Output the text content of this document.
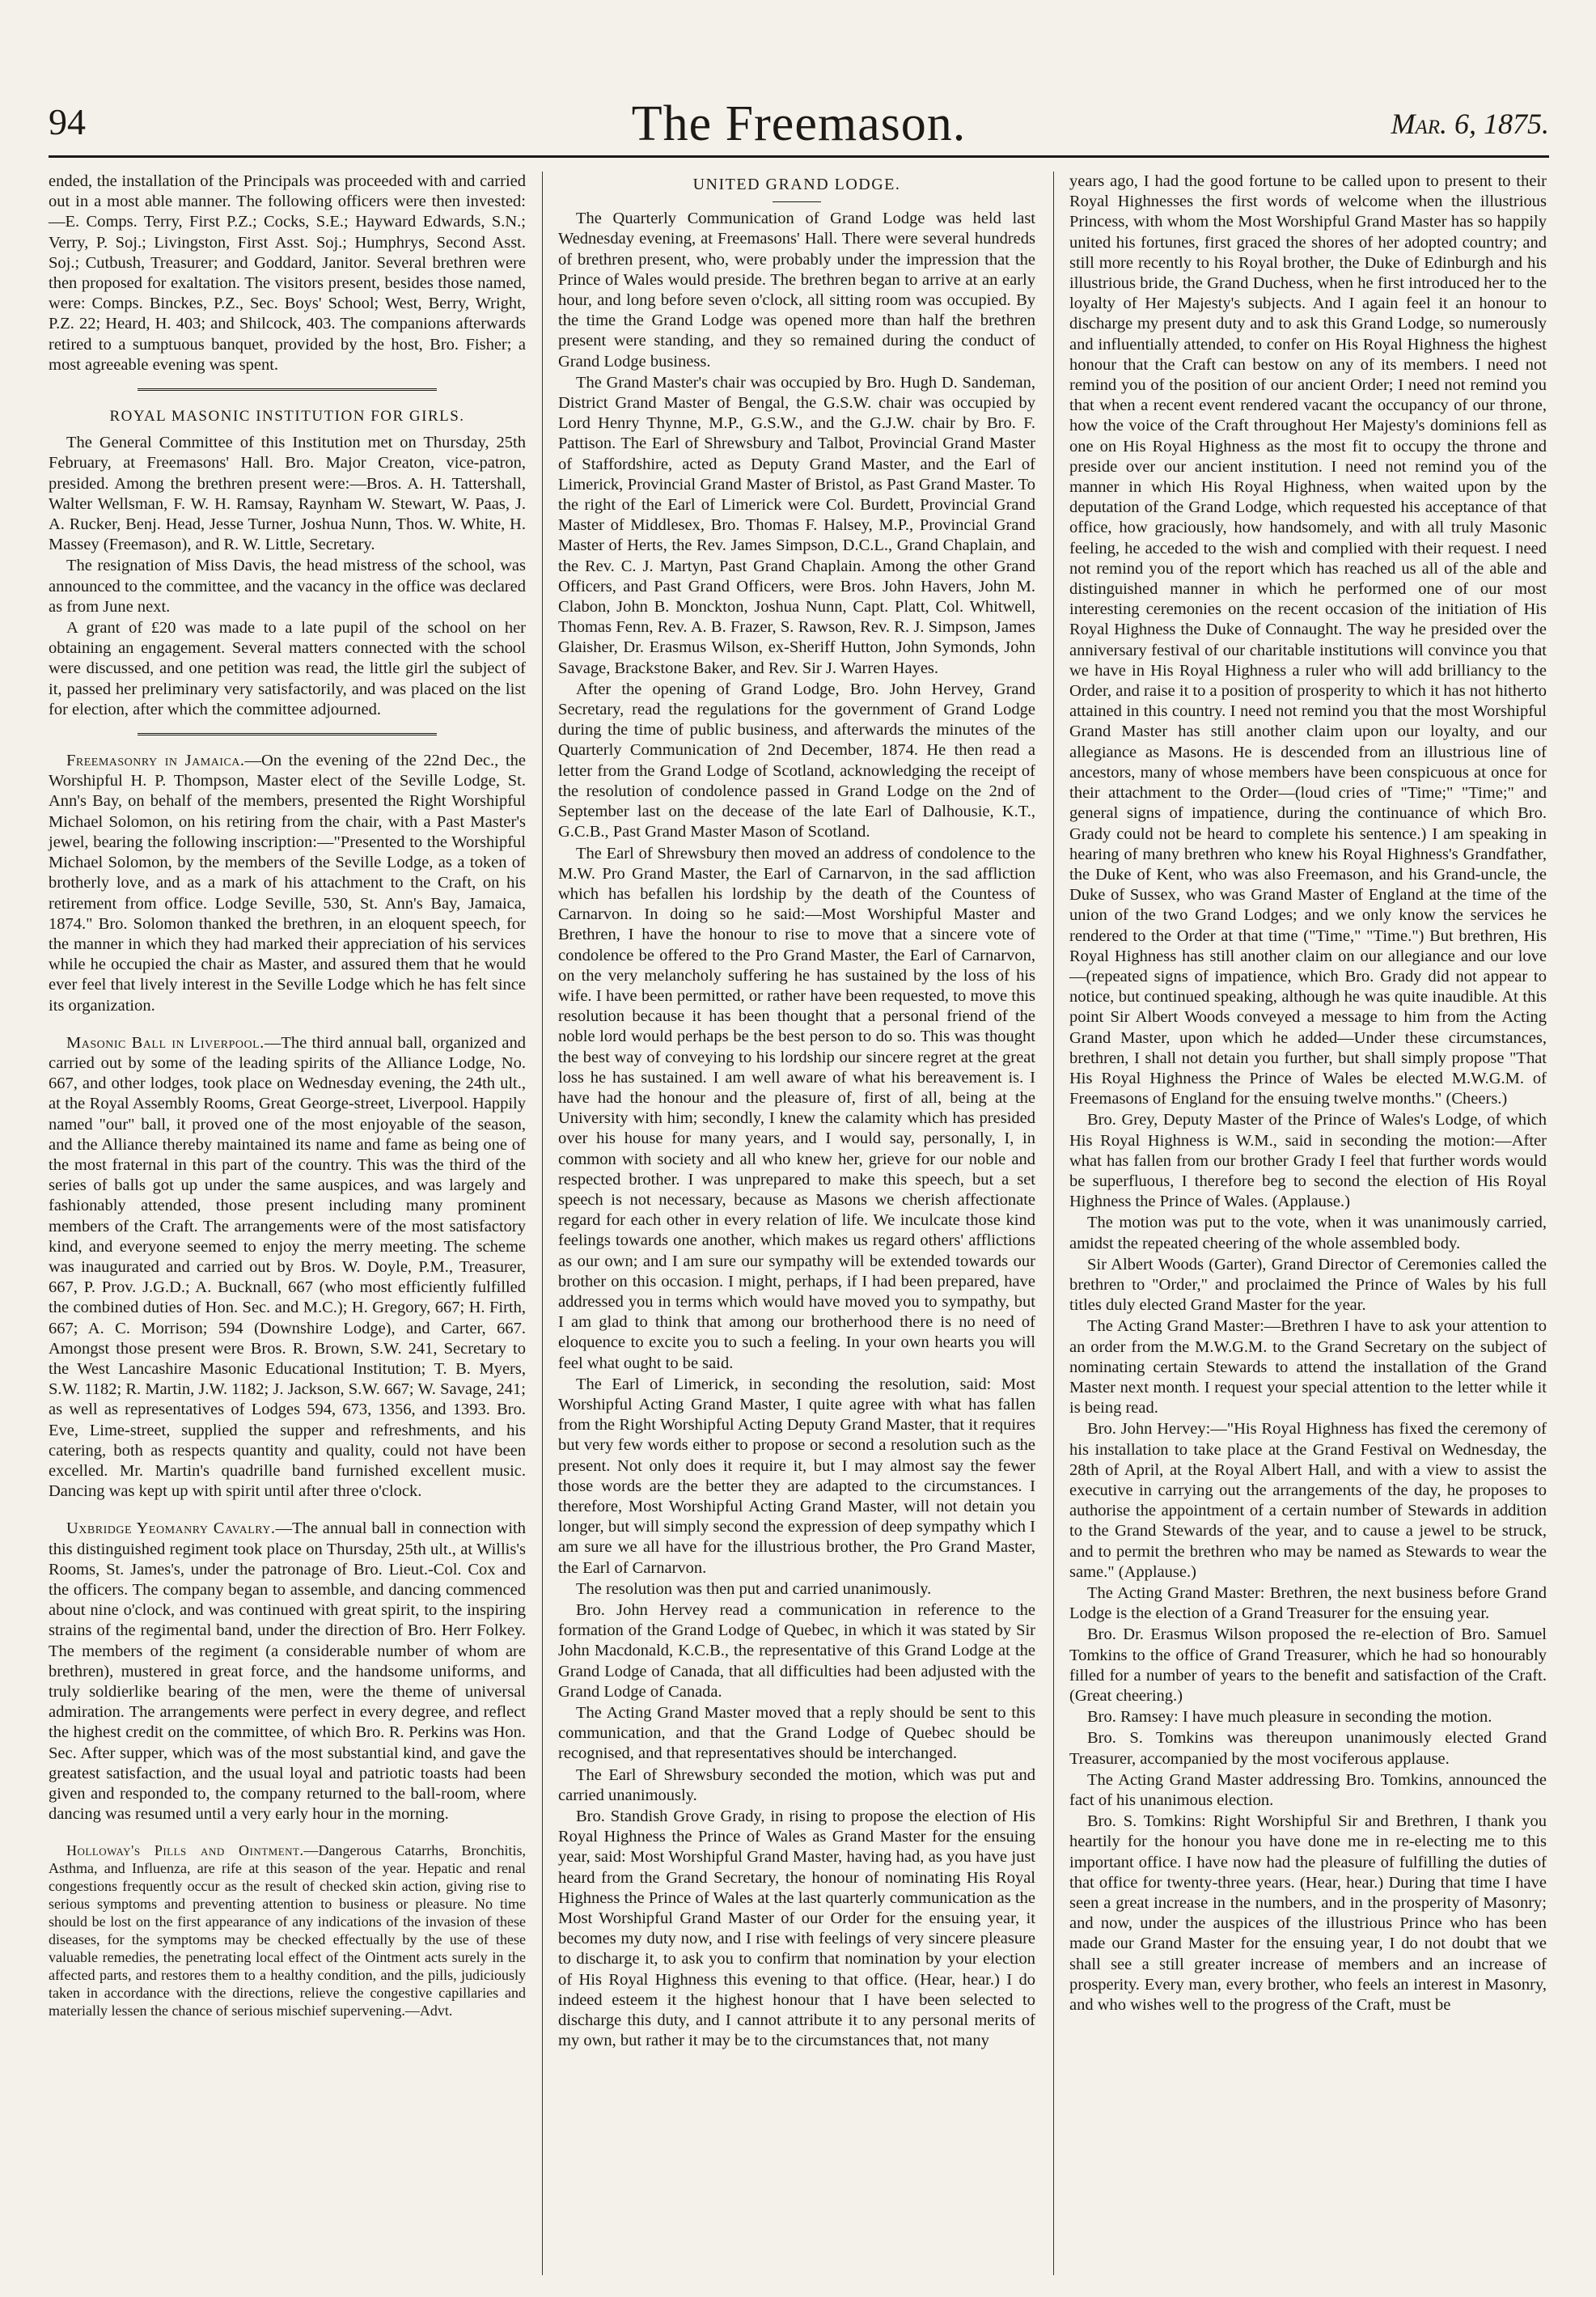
94	The Freemason.	Mar. 6, 1875.

ended, the installation of the Principals was proceeded with and carried out in a most able manner. The following officers were then invested:—E. Comps. Terry, First P.Z.; Cocks, S.E.; Hayward Edwards, S.N.; Verry, P. Soj.; Livingston, First Asst. Soj.; Humphrys, Second Asst. Soj.; Cutbush, Treasurer; and Goddard, Janitor. Several brethren were then proposed for exaltation. The visitors present, besides those named, were: Comps. Binckes, P.Z., Sec. Boys' School; West, Berry, Wright, P.Z. 22; Heard, H. 403; and Shilcock, 403. The companions afterwards retired to a sumptuous banquet, provided by the host, Bro. Fisher; a most agreeable evening was spent.

ROYAL MASONIC INSTITUTION FOR GIRLS.

The General Committee of this Institution met on Thursday, 25th February, at Freemasons' Hall. Bro. Major Creaton, vice-patron, presided. Among the brethren present were:—Bros. A. H. Tattershall, Walter Wellsman, F. W. H. Ramsay, Raynham W. Stewart, W. Paas, J. A. Rucker, Benj. Head, Jesse Turner, Joshua Nunn, Thos. W. White, H. Massey (Freemason), and R. W. Little, Secretary.

The resignation of Miss Davis, the head mistress of the school, was announced to the committee, and the vacancy in the office was declared as from June next.

A grant of £20 was made to a late pupil of the school on her obtaining an engagement. Several matters connected with the school were discussed, and one petition was read, the little girl the subject of it, passed her preliminary very satisfactorily, and was placed on the list for election, after which the committee adjourned.

Freemasonry in Jamaica.—On the evening of the 22nd Dec., the Worshipful H. P. Thompson, Master elect of the Seville Lodge, St. Ann's Bay, on behalf of the members, presented the Right Worshipful Michael Solomon, on his retiring from the chair, with a Past Master's jewel, bearing the following inscription:—"Presented to the Worshipful Michael Solomon, by the members of the Seville Lodge, as a token of brotherly love, and as a mark of his attachment to the Craft, on his retirement from office. Lodge Seville, 530, St. Ann's Bay, Jamaica, 1874." Bro. Solomon thanked the brethren, in an eloquent speech, for the manner in which they had marked their appreciation of his services while he occupied the chair as Master, and assured them that he would ever feel that lively interest in the Seville Lodge which he has felt since its organization.

Masonic Ball in Liverpool.—The third annual ball, organized and carried out by some of the leading spirits of the Alliance Lodge, No. 667, and other lodges, took place on Wednesday evening, the 24th ult., at the Royal Assembly Rooms, Great George-street, Liverpool. Happily named "our" ball, it proved one of the most enjoyable of the season, and the Alliance thereby maintained its name and fame as being one of the most fraternal in this part of the country. This was the third of the series of balls got up under the same auspices, and was largely and fashionably attended, those present including many prominent members of the Craft. The arrangements were of the most satisfactory kind, and everyone seemed to enjoy the merry meeting. The scheme was inaugurated and carried out by Bros. W. Doyle, P.M., Treasurer, 667, P. Prov. J.G.D.; A. Bucknall, 667 (who most efficiently fulfilled the combined duties of Hon. Sec. and M.C.); H. Gregory, 667; H. Firth, 667; A. C. Morrison; 594 (Downshire Lodge), and Carter, 667. Amongst those present were Bros. R. Brown, S.W. 241, Secretary to the West Lancashire Masonic Educational Institution; T. B. Myers, S.W. 1182; R. Martin, J.W. 1182; J. Jackson, S.W. 667; W. Savage, 241; as well as representatives of Lodges 594, 673, 1356, and 1393. Bro. Eve, Lime-street, supplied the supper and refreshments, and his catering, both as respects quantity and quality, could not have been excelled. Mr. Martin's quadrille band furnished excellent music. Dancing was kept up with spirit until after three o'clock.

Uxbridge Yeomanry Cavalry.—The annual ball in connection with this distinguished regiment took place on Thursday, 25th ult., at Willis's Rooms, St. James's, under the patronage of Bro. Lieut.-Col. Cox and the officers. The company began to assemble, and dancing commenced about nine o'clock, and was continued with great spirit, to the inspiring strains of the regimental band, under the direction of Bro. Herr Folkey. The members of the regiment (a considerable number of whom are brethren), mustered in great force, and the handsome uniforms, and truly soldierlike bearing of the men, were the theme of universal admiration. The arrangements were perfect in every degree, and reflect the highest credit on the committee, of which Bro. R. Perkins was Hon. Sec. After supper, which was of the most substantial kind, and gave the greatest satisfaction, and the usual loyal and patriotic toasts had been given and responded to, the company returned to the ball-room, where dancing was resumed until a very early hour in the morning.

Holloway's Pills and Ointment.—Dangerous Catarrhs, Bronchitis, Asthma, and Influenza, are rife at this season of the year. Hepatic and renal congestions frequently occur as the result of checked skin action, giving rise to serious symptoms and preventing attention to business or pleasure. No time should be lost on the first appearance of any indications of the invasion of these diseases, for the symptoms may be checked effectually by the use of these valuable remedies, the penetrating local effect of the Ointment acts surely in the affected parts, and restores them to a healthy condition, and the pills, judiciously taken in accordance with the directions, relieve the congestive capillaries and materially lessen the chance of serious mischief supervening.—Advt.

UNITED GRAND LODGE.

The Quarterly Communication of Grand Lodge was held last Wednesday evening, at Freemasons' Hall. There were several hundreds of brethren present, who, were probably under the impression that the Prince of Wales would preside. The brethren began to arrive at an early hour, and long before seven o'clock, all sitting room was occupied. By the time the Grand Lodge was opened more than half the brethren present were standing, and they so remained during the conduct of Grand Lodge business.

The Grand Master's chair was occupied by Bro. Hugh D. Sandeman, District Grand Master of Bengal, the G.S.W. chair was occupied by Lord Henry Thynne, M.P., G.S.W., and the G.J.W. chair by Bro. F. Pattison. The Earl of Shrewsbury and Talbot, Provincial Grand Master of Staffordshire, acted as Deputy Grand Master, and the Earl of Limerick, Provincial Grand Master of Bristol, as Past Grand Master. To the right of the Earl of Limerick were Col. Burdett, Provincial Grand Master of Middlesex, Bro. Thomas F. Halsey, M.P., Provincial Grand Master of Herts, the Rev. James Simpson, D.C.L., Grand Chaplain, and the Rev. C. J. Martyn, Past Grand Chaplain. Among the other Grand Officers, and Past Grand Officers, were Bros. John Havers, John M. Clabon, John B. Monckton, Joshua Nunn, Capt. Platt, Col. Whitwell, Thomas Fenn, Rev. A. B. Frazer, S. Rawson, Rev. R. J. Simpson, James Glaisher, Dr. Erasmus Wilson, ex-Sheriff Hutton, John Symonds, John Savage, Brackstone Baker, and Rev. Sir J. Warren Hayes.

After the opening of Grand Lodge, Bro. John Hervey, Grand Secretary, read the regulations for the government of Grand Lodge during the time of public business, and afterwards the minutes of the Quarterly Communication of 2nd December, 1874. He then read a letter from the Grand Lodge of Scotland, acknowledging the receipt of the resolution of condolence passed in Grand Lodge on the 2nd of September last on the decease of the late Earl of Dalhousie, K.T., G.C.B., Past Grand Master Mason of Scotland.

The Earl of Shrewsbury then moved an address of condolence to the M.W. Pro Grand Master, the Earl of Carnarvon, in the sad affliction which has befallen his lordship by the death of the Countess of Carnarvon. In doing so he said:—Most Worshipful Master and Brethren, I have the honour to rise to move that a sincere vote of condolence be offered to the Pro Grand Master, the Earl of Carnarvon, on the very melancholy suffering he has sustained by the loss of his wife. I have been permitted, or rather have been requested, to move this resolution because it has been thought that a personal friend of the noble lord would perhaps be the best person to do so. This was thought the best way of conveying to his lordship our sincere regret at the great loss he has sustained. I am well aware of what his bereavement is. I have had the honour and the pleasure of, first of all, being at the University with him; secondly, I knew the calamity which has presided over his house for many years, and I would say, personally, I, in common with society and all who knew her, grieve for our noble and respected brother. I was unprepared to make this speech, but a set speech is not necessary, because as Masons we cherish affectionate regard for each other in every relation of life. We inculcate those kind feelings towards one another, which makes us regard others' afflictions as our own; and I am sure our sympathy will be extended towards our brother on this occasion. I might, perhaps, if I had been prepared, have addressed you in terms which would have moved you to sympathy, but I am glad to think that among our brotherhood there is no need of eloquence to excite you to such a feeling. In your own hearts you will feel what ought to be said.

The Earl of Limerick, in seconding the resolution, said: Most Worshipful Acting Grand Master, I quite agree with what has fallen from the Right Worshipful Acting Deputy Grand Master, that it requires but very few words either to propose or second a resolution such as the present. Not only does it require it, but I may almost say the fewer those words are the better they are adapted to the circumstances. I therefore, Most Worshipful Acting Grand Master, will not detain you longer, but will simply second the expression of deep sympathy which I am sure we all have for the illustrious brother, the Pro Grand Master, the Earl of Carnarvon.

The resolution was then put and carried unanimously.

Bro. John Hervey read a communication in reference to the formation of the Grand Lodge of Quebec, in which it was stated by Sir John Macdonald, K.C.B., the representative of this Grand Lodge at the Grand Lodge of Canada, that all difficulties had been adjusted with the Grand Lodge of Canada.

The Acting Grand Master moved that a reply should be sent to this communication, and that the Grand Lodge of Quebec should be recognised, and that representatives should be interchanged.

The Earl of Shrewsbury seconded the motion, which was put and carried unanimously.

Bro. Standish Grove Grady, in rising to propose the election of His Royal Highness the Prince of Wales as Grand Master for the ensuing year, said: Most Worshipful Grand Master, having had, as you have just heard from the Grand Secretary, the honour of nominating His Royal Highness the Prince of Wales at the last quarterly communication as the Most Worshipful Grand Master of our Order for the ensuing year, it becomes my duty now, and I rise with feelings of very sincere pleasure to discharge it, to ask you to confirm that nomination by your election of His Royal Highness this evening to that office. (Hear, hear.) I do indeed esteem it the highest honour that I have been selected to discharge this duty, and I cannot attribute it to any personal merits of my own, but rather it may be to the circumstances that, not many

years ago, I had the good fortune to be called upon to present to their Royal Highnesses the first words of welcome when the illustrious Princess, with whom the Most Worshipful Grand Master has so happily united his fortunes, first graced the shores of her adopted country; and still more recently to his Royal brother, the Duke of Edinburgh and his illustrious bride, the Grand Duchess, when he first introduced her to the loyalty of Her Majesty's subjects. And I again feel it an honour to discharge my present duty and to ask this Grand Lodge, so numerously and influentially attended, to confer on His Royal Highness the highest honour that the Craft can bestow on any of its members. I need not remind you of the position of our ancient Order; I need not remind you that when a recent event rendered vacant the occupancy of our throne, how the voice of the Craft throughout Her Majesty's dominions fell as one on His Royal Highness as the most fit to occupy the throne and preside over our ancient institution. I need not remind you of the manner in which His Royal Highness, when waited upon by the deputation of the Grand Lodge, which requested his acceptance of that office, how graciously, how handsomely, and with all truly Masonic feeling, he acceded to the wish and complied with their request. I need not remind you of the report which has reached us all of the able and distinguished manner in which he performed one of our most interesting ceremonies on the recent occasion of the initiation of His Royal Highness the Duke of Connaught. The way he presided over the anniversary festival of our charitable institutions will convince you that we have in His Royal Highness a ruler who will add brilliancy to the Order, and raise it to a position of prosperity to which it has not hitherto attained in this country. I need not remind you that the most Worshipful Grand Master has still another claim upon our loyalty, and our allegiance as Masons. He is descended from an illustrious line of ancestors, many of whose members have been conspicuous at once for their attachment to the Order—(loud cries of "Time;" "Time;" and general signs of impatience, during the continuance of which Bro. Grady could not be heard to complete his sentence.) I am speaking in hearing of many brethren who knew his Royal Highness's Grandfather, the Duke of Kent, who was also Freemason, and his Grand-uncle, the Duke of Sussex, who was Grand Master of England at the time of the union of the two Grand Lodges; and we only know the services he rendered to the Order at that time ("Time," "Time.") But brethren, His Royal Highness has still another claim on our allegiance and our love—(repeated signs of impatience, which Bro. Grady did not appear to notice, but continued speaking, although he was quite inaudible. At this point Sir Albert Woods conveyed a message to him from the Acting Grand Master, upon which he added—Under these circumstances, brethren, I shall not detain you further, but shall simply propose "That His Royal Highness the Prince of Wales be elected M.W.G.M. of Freemasons of England for the ensuing twelve months." (Cheers.)

Bro. Grey, Deputy Master of the Prince of Wales's Lodge, of which His Royal Highness is W.M., said in seconding the motion:—After what has fallen from our brother Grady I feel that further words would be superfluous, I therefore beg to second the election of His Royal Highness the Prince of Wales. (Applause.)

The motion was put to the vote, when it was unanimously carried, amidst the repeated cheering of the whole assembled body.

Sir Albert Woods (Garter), Grand Director of Ceremonies called the brethren to "Order," and proclaimed the Prince of Wales by his full titles duly elected Grand Master for the year.

The Acting Grand Master:—Brethren I have to ask your attention to an order from the M.W.G.M. to the Grand Secretary on the subject of nominating certain Stewards to attend the installation of the Grand Master next month. I request your special attention to the letter while it is being read.

Bro. John Hervey:—"His Royal Highness has fixed the ceremony of his installation to take place at the Grand Festival on Wednesday, the 28th of April, at the Royal Albert Hall, and with a view to assist the executive in carrying out the arrangements of the day, he proposes to authorise the appointment of a certain number of Stewards in addition to the Grand Stewards of the year, and to cause a jewel to be struck, and to permit the brethren who may be named as Stewards to wear the same." (Applause.)

The Acting Grand Master: Brethren, the next business before Grand Lodge is the election of a Grand Treasurer for the ensuing year.

Bro. Dr. Erasmus Wilson proposed the re-election of Bro. Samuel Tomkins to the office of Grand Treasurer, which he had so honourably filled for a number of years to the benefit and satisfaction of the Craft. (Great cheering.)

Bro. Ramsey: I have much pleasure in seconding the motion.

Bro. S. Tomkins was thereupon unanimously elected Grand Treasurer, accompanied by the most vociferous applause.

The Acting Grand Master addressing Bro. Tomkins, announced the fact of his unanimous election.

Bro. S. Tomkins: Right Worshipful Sir and Brethren, I thank you heartily for the honour you have done me in re-electing me to this important office. I have now had the pleasure of fulfilling the duties of that office for twenty-three years. (Hear, hear.) During that time I have seen a great increase in the numbers, and in the prosperity of Masonry; and now, under the auspices of the illustrious Prince who has been made our Grand Master for the ensuing year, I do not doubt that we shall see a still greater increase of members and an increase of prosperity. Every man, every brother, who feels an interest in Masonry, and who wishes well to the progress of the Craft, must be
